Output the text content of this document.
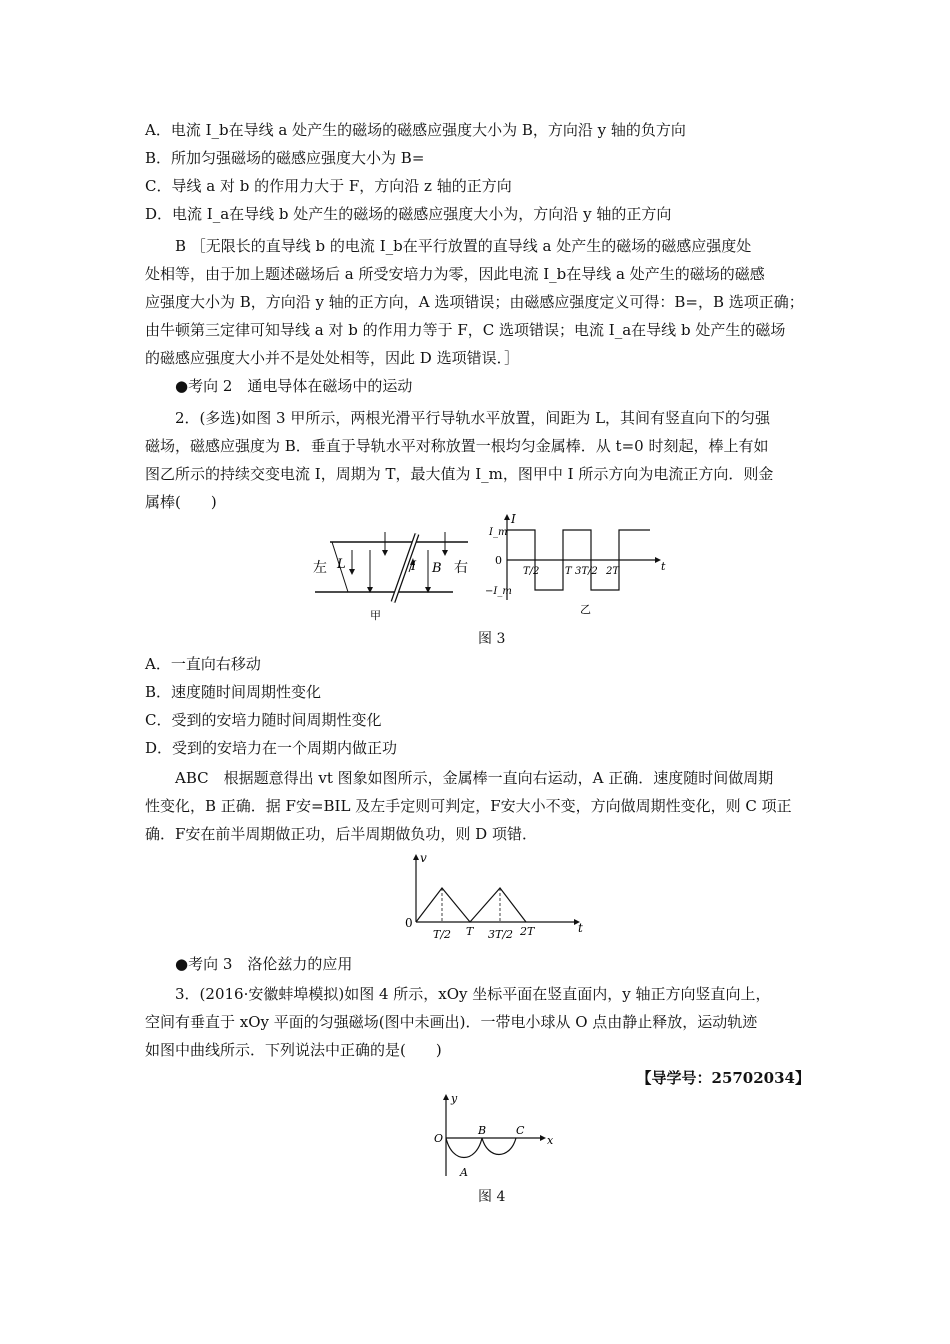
A．电流 I_b在导线 a 处产生的磁场的磁感应强度大小为 B，方向沿 y 轴的负方向
B．所加匀强磁场的磁感应强度大小为 B=
C．导线 a 对 b 的作用力大于 F，方向沿 z 轴的正方向
D．电流 I_a在导线 b 处产生的磁场的磁感应强度大小为，方向沿 y 轴的正方向
B ［无限长的直导线 b 的电流 I_b在平行放置的直导线 a 处产生的磁场的磁感应强度处
处相等，由于加上题述磁场后 a 所受安培力为零，因此电流 I_b在导线 a 处产生的磁场的磁感
应强度大小为 B，方向沿 y 轴的正方向，A 选项错误；由磁感应强度定义可得：B=，B 选项正确；
由牛顿第三定律可知导线 a 对 b 的作用力等于 F，C 选项错误；电流 I_a在导线 b 处产生的磁场
的磁感应强度大小并不是处处相等，因此 D 选项错误．］
●考向 2　通电导体在磁场中的运动
2．(多选)如图 3 甲所示，两根光滑平行导轨水平放置，间距为 L，其间有竖直向下的匀强
磁场，磁感应强度为 B．垂直于导轨水平对称放置一根均匀金属棒．从 t=0 时刻起，棒上有如
图乙所示的持续交变电流 I，周期为 T，最大值为 I_m，图甲中 I 所示方向为电流正方向．则金
属棒(　　)
左 L	I B 右
甲
I
I_m
0
−I_m
t
T/2	T 3T/2 2T
乙
图 3
A．一直向右移动
B．速度随时间周期性变化
C．受到的安培力随时间周期性变化
D．受到的安培力在一个周期内做正功
ABC　根据题意得出 vt 图象如图所示，金属棒一直向右运动，A 正确．速度随时间做周期
性变化，B 正确．据 F安=BIL 及左手定则可判定，F安大小不变，方向做周期性变化，则 C 项正
确．F安在前半周期做正功，后半周期做负功，则 D 项错．
v
0	t
T/2 T 3T/2 2T
●考向 3　洛伦兹力的应用
3．(2016·安徽蚌埠模拟)如图 4 所示，xOy 坐标平面在竖直面内，y 轴正方向竖直向上，
空间有垂直于 xOy 平面的匀强磁场(图中未画出)．一带电小球从 O 点由静止释放，运动轨迹
如图中曲线所示．下列说法中正确的是(　　)
【导学号：25702034】
y
x
O
A
B	C
图 4
